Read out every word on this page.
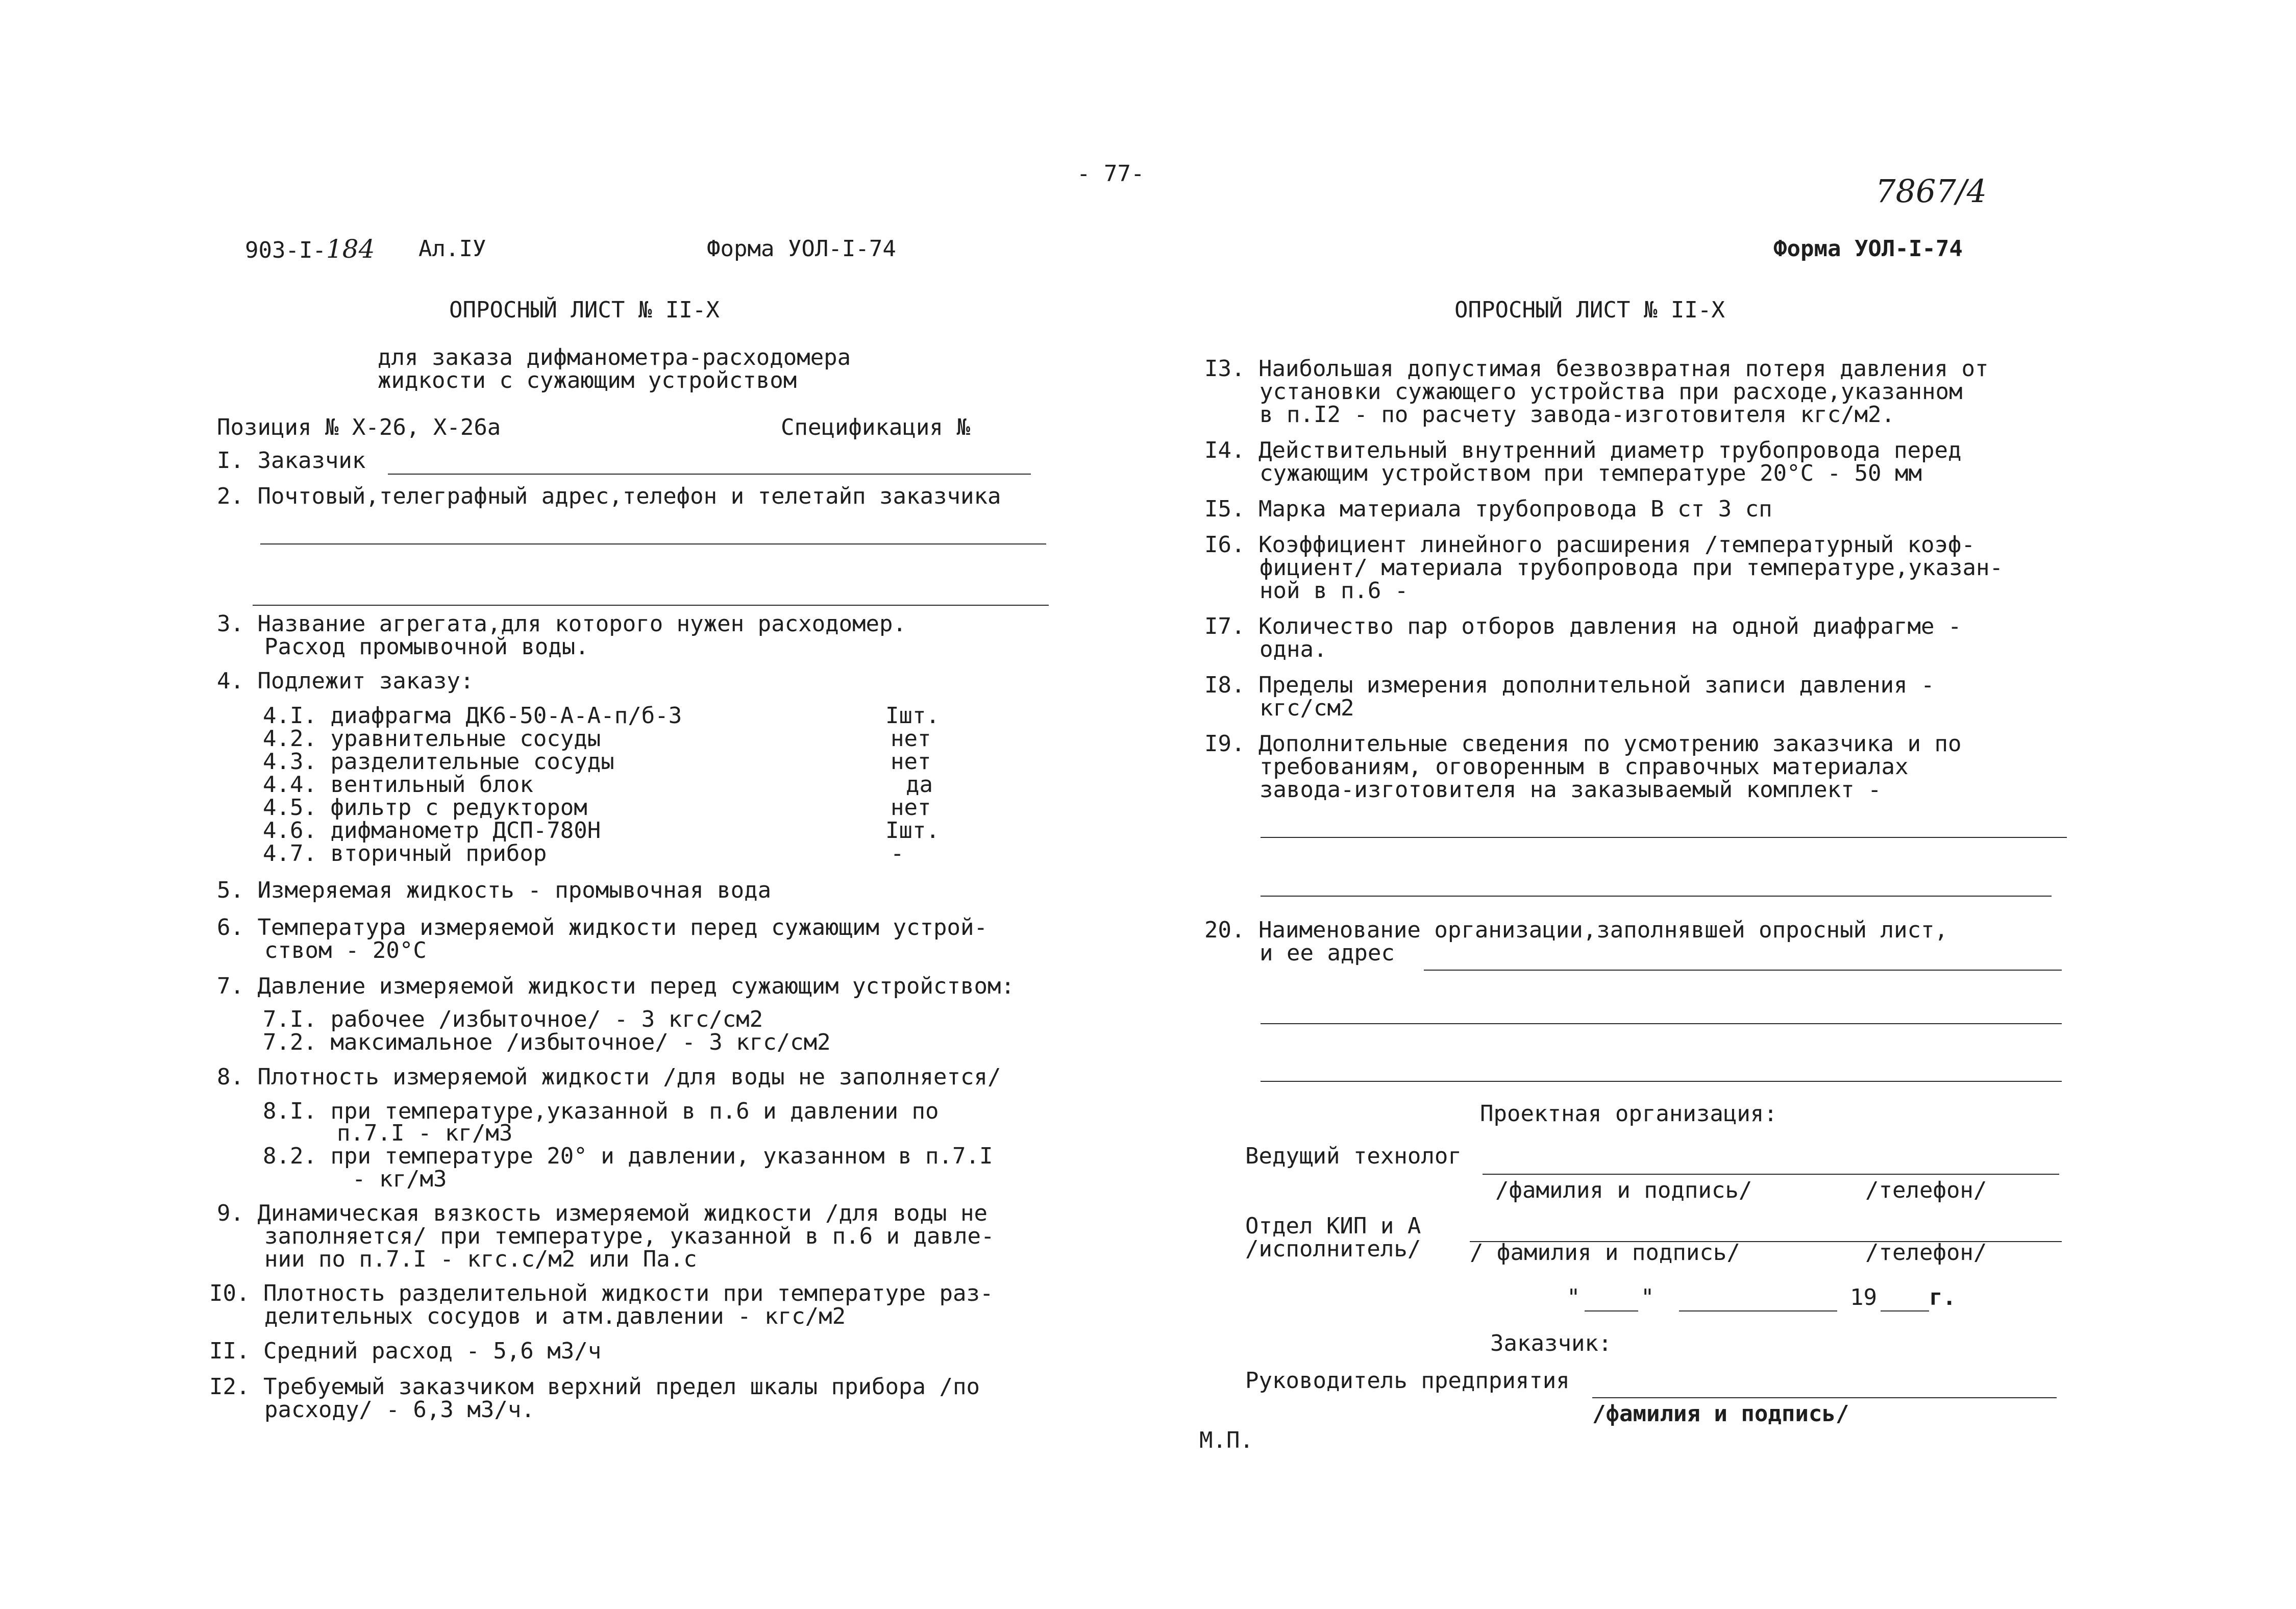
- 77-	7867/4
903-I-184 Ал.IУ	Форма УОЛ-I-74	Форма УОЛ-I-74
ОПРОСНЫЙ ЛИСТ № II-X	ОПРОСНЫЙ ЛИСТ № II-X
для заказа дифманометра-расходомера
жидкости с сужающим устройством
Позиция № X-26, X-26а	Спецификация №
I. Заказчик
2. Почтовый,телеграфный адрес,телефон и телетайп заказчика
3. Название агрегата,для которого нужен расходомер.
Расход промывочной воды.
4. Подлежит заказу:
4.I. диафрагма ДК6-50-А-А-п/б-3	Iшт.
4.2. уравнительные сосуды	нет
4.3. разделительные сосуды	нет
4.4. вентильный блок	да
4.5. фильтр с редуктором	нет
4.6. дифманометр ДСП-780Н	Iшт.
4.7. вторичный прибор	-
5. Измеряемая жидкость - промывочная вода
6. Температура измеряемой жидкости перед сужающим устрой-
ством - 20°С
7. Давление измеряемой жидкости перед сужающим устройством:
7.I. рабочее /избыточное/ - 3 кгс/см2
7.2. максимальное /избыточное/ - 3 кгс/см2
8. Плотность измеряемой жидкости /для воды не заполняется/
8.I. при температуре,указанной в п.6 и давлении по
п.7.I - кг/м3
8.2. при температуре 20° и давлении, указанном в п.7.I
- кг/м3
9. Динамическая вязкость измеряемой жидкости /для воды не
заполняется/ при температуре, указанной в п.6 и давле-
нии по п.7.I - кгс.с/м2 или Па.с
I0. Плотность разделительной жидкости при температуре раз-
делительных сосудов и атм.давлении - кгс/м2
II. Средний расход - 5,6 м3/ч
I2. Требуемый заказчиком верхний предел шкалы прибора /по
расходу/ - 6,3 м3/ч.
I3. Наибольшая допустимая безвозвратная потеря давления от
установки сужающего устройства при расходе,указанном
в п.I2 - по расчету завода-изготовителя кгс/м2.
I4. Действительный внутренний диаметр трубопровода перед
сужающим устройством при температуре 20°С - 50 мм
I5. Марка материала трубопровода В ст 3 сп
I6. Коэффициент линейного расширения /температурный коэф-
фициент/ материала трубопровода при температуре,указан-
ной в п.6 -
I7. Количество пар отборов давления на одной диафрагме -
одна.
I8. Пределы измерения дополнительной записи давления -
кгс/см2
I9. Дополнительные сведения по усмотрению заказчика и по
требованиям, оговоренным в справочных материалах
завода-изготовителя на заказываемый комплект -
20. Наименование организации,заполнявшей опросный лист,
и ее адрес
Проектная организация:
Ведущий технолог
/фамилия и подпись/	/телефон/
Отдел КИП и А
/исполнитель/ / фамилия и подпись/	/телефон/
"	"	19 г.
Заказчик:
Руководитель предприятия
/фамилия и подпись/
М.П.
